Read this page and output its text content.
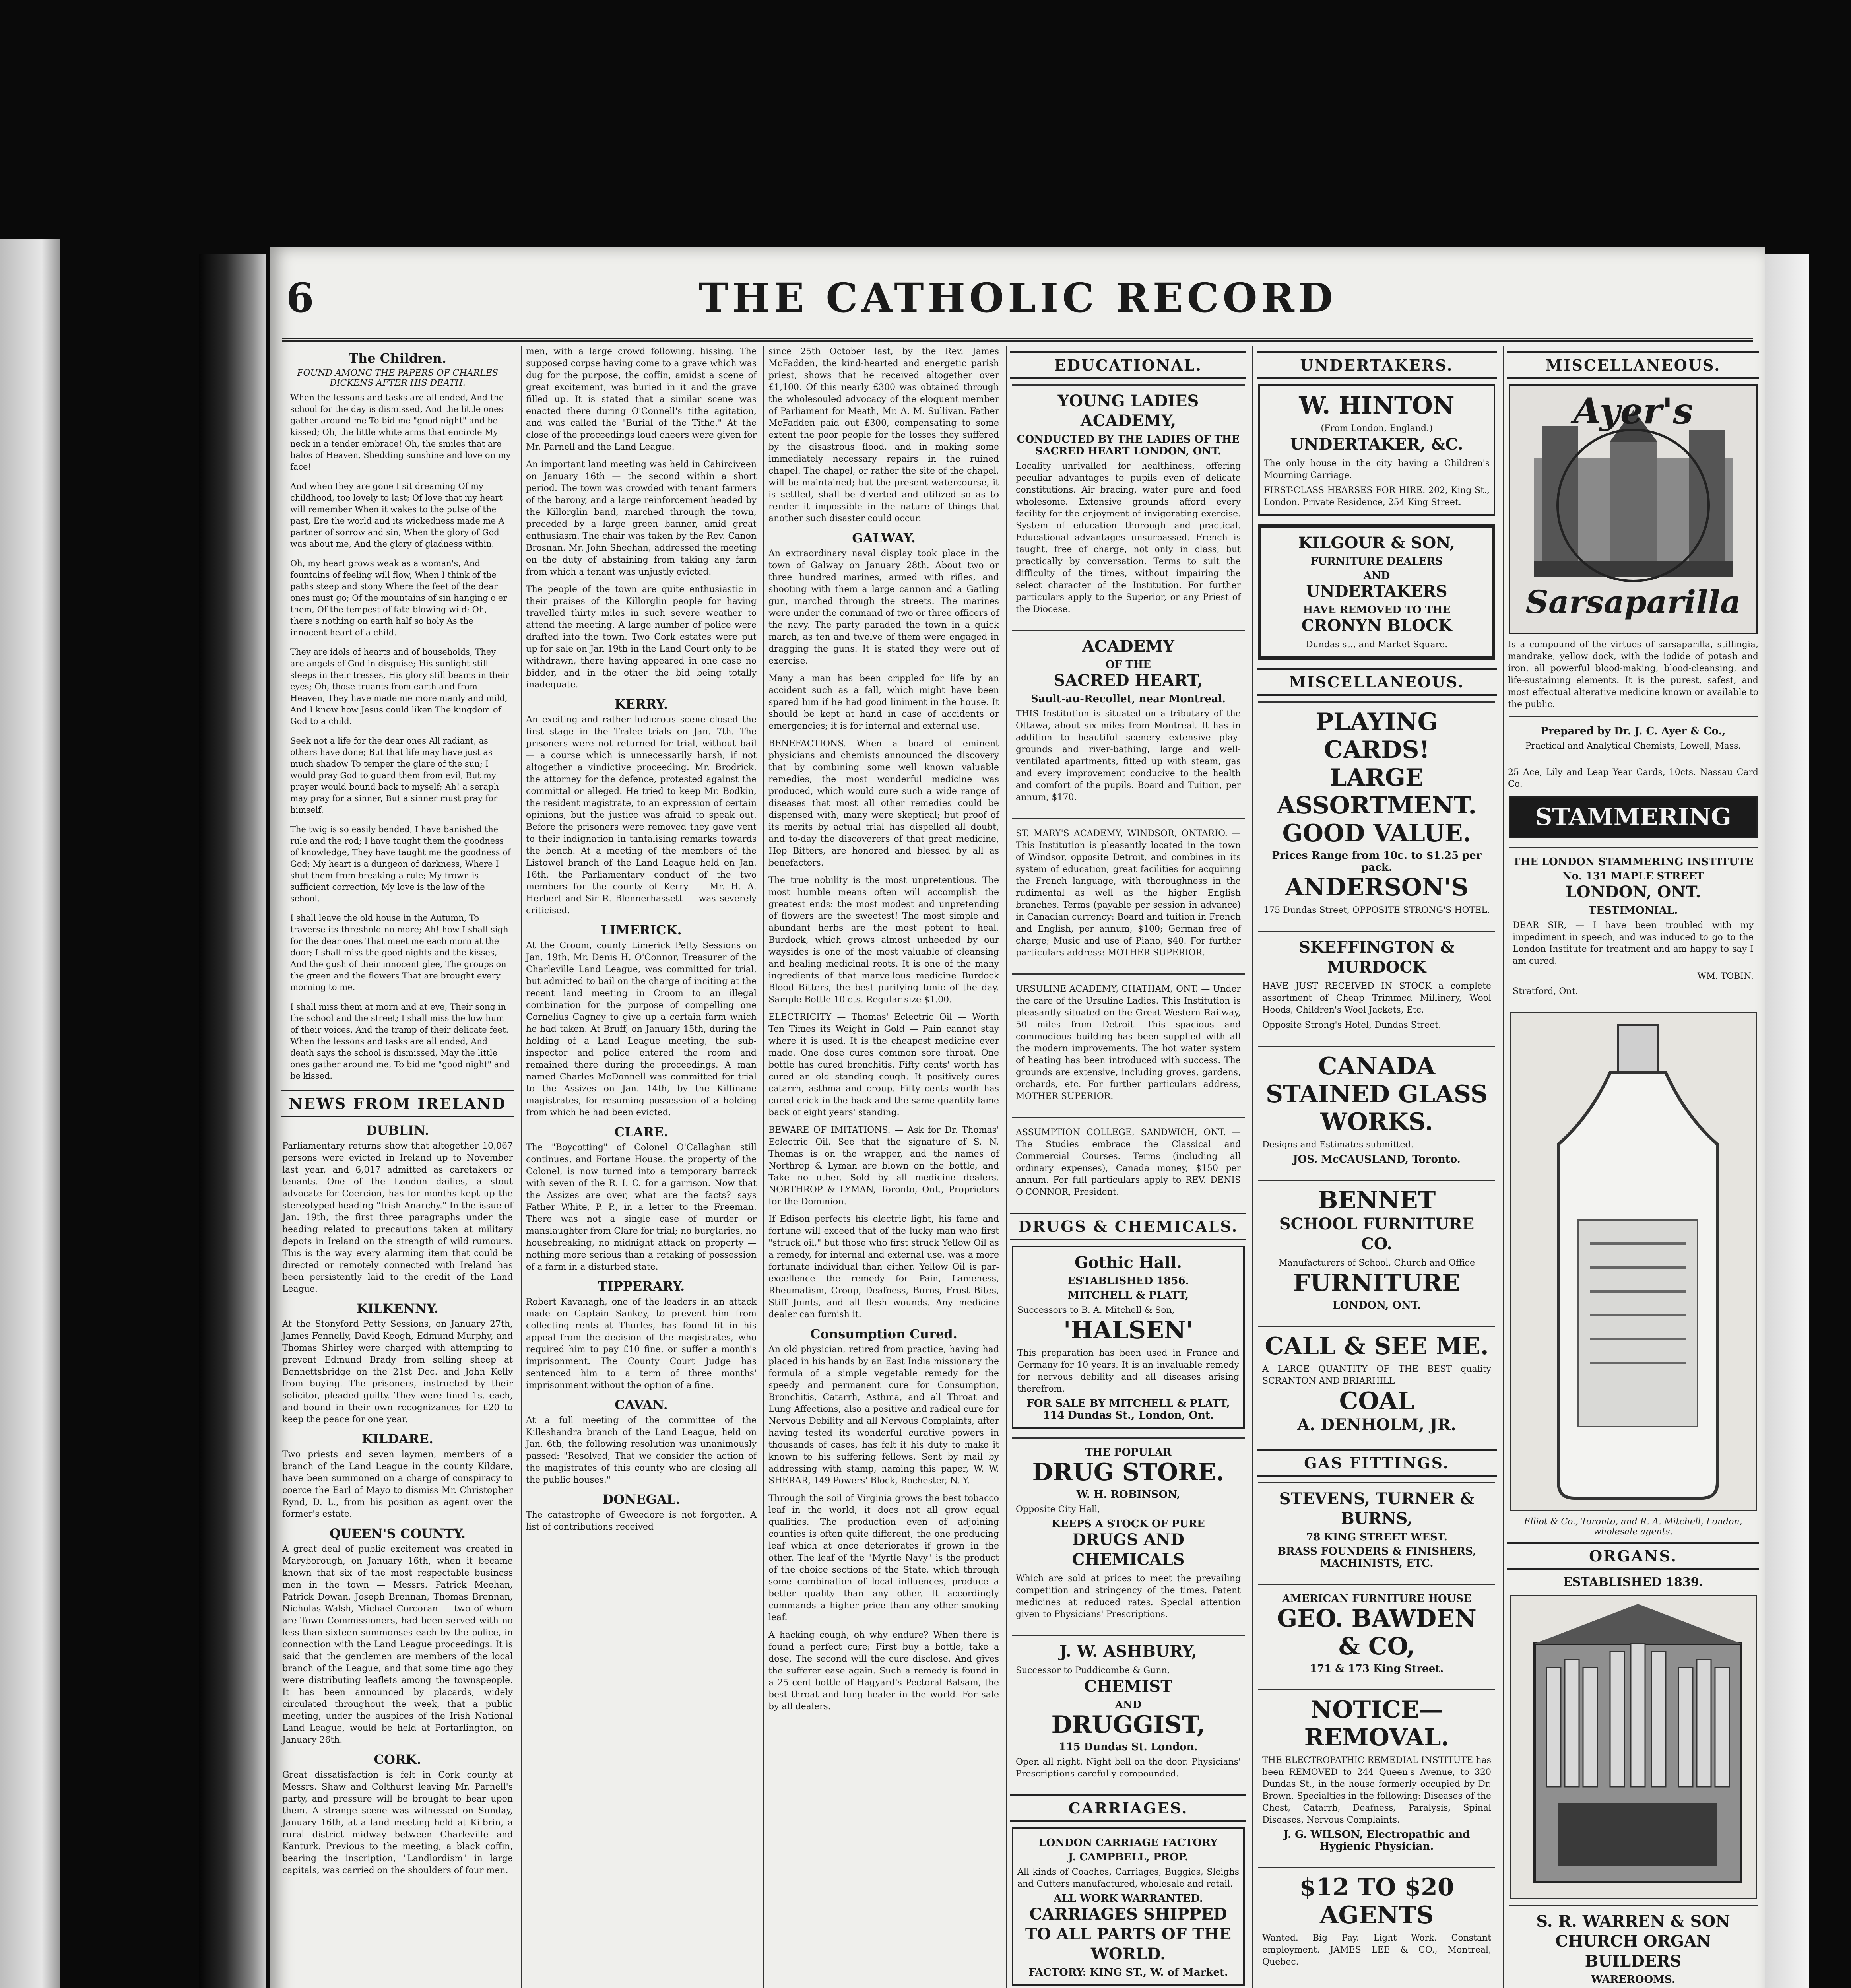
6	THE CATHOLIC RECORD
The Children.
FOUND AMONG THE PAPERS OF CHARLES DICKENS AFTER HIS DEATH.

When the lessons and tasks are all ended, And the school for the day is dismissed, And the little ones gather around me To bid me "good night" and be kissed; Oh, the little white arms that encircle My neck in a tender embrace! Oh, the smiles that are halos of Heaven, Shedding sunshine and love on my face!

And when they are gone I sit dreaming Of my childhood, too lovely to last; Of love that my heart will remember When it wakes to the pulse of the past, Ere the world and its wickedness made me A partner of sorrow and sin, When the glory of God was about me, And the glory of gladness within.

Oh, my heart grows weak as a woman's, And fountains of feeling will flow, When I think of the paths steep and stony Where the feet of the dear ones must go; Of the mountains of sin hanging o'er them, Of the tempest of fate blowing wild; Oh, there's nothing on earth half so holy As the innocent heart of a child.

They are idols of hearts and of households, They are angels of God in disguise; His sunlight still sleeps in their tresses, His glory still beams in their eyes; Oh, those truants from earth and from Heaven, They have made me more manly and mild, And I know how Jesus could liken The kingdom of God to a child.

Seek not a life for the dear ones All radiant, as others have done; But that life may have just as much shadow To temper the glare of the sun; I would pray God to guard them from evil; But my prayer would bound back to myself; Ah! a seraph may pray for a sinner, But a sinner must pray for himself.

The twig is so easily bended, I have banished the rule and the rod; I have taught them the goodness of knowledge, They have taught me the goodness of God; My heart is a dungeon of darkness, Where I shut them from breaking a rule; My frown is sufficient correction, My love is the law of the school.

I shall leave the old house in the Autumn, To traverse its threshold no more; Ah! how I shall sigh for the dear ones That meet me each morn at the door; I shall miss the good nights and the kisses, And the gush of their innocent glee, The groups on the green and the flowers That are brought every morning to me.

I shall miss them at morn and at eve, Their song in the school and the street; I shall miss the low hum of their voices, And the tramp of their delicate feet. When the lessons and tasks are all ended, And death says the school is dismissed, May the little ones gather around me, To bid me "good night" and be kissed.

NEWS FROM IRELAND
DUBLIN.

Parliamentary returns show that altogether 10,067 persons were evicted in Ireland up to November last year, and 6,017 admitted as caretakers or tenants. One of the London dailies, a stout advocate for Coercion, has for months kept up the stereotyped heading "Irish Anarchy." In the issue of Jan. 19th, the first three paragraphs under the heading related to precautions taken at military depots in Ireland on the strength of wild rumours. This is the way every alarming item that could be directed or remotely connected with Ireland has been persistently laid to the credit of the Land League.

KILKENNY.

At the Stonyford Petty Sessions, on January 27th, James Fennelly, David Keogh, Edmund Murphy, and Thomas Shirley were charged with attempting to prevent Edmund Brady from selling sheep at Bennettsbridge on the 21st Dec. and John Kelly from buying. The prisoners, instructed by their solicitor, pleaded guilty. They were fined 1s. each, and bound in their own recognizances for £20 to keep the peace for one year.

KILDARE.

Two priests and seven laymen, members of a branch of the Land League in the county Kildare, have been summoned on a charge of conspiracy to coerce the Earl of Mayo to dismiss Mr. Christopher Rynd, D. L., from his position as agent over the former's estate.

QUEEN'S COUNTY.

A great deal of public excitement was created in Maryborough, on January 16th, when it became known that six of the most respectable business men in the town — Messrs. Patrick Meehan, Patrick Dowan, Joseph Brennan, Thomas Brennan, Nicholas Walsh, Michael Corcoran — two of whom are Town Commissioners, had been served with no less than sixteen summonses each by the police, in connection with the Land League proceedings. It is said that the gentlemen are members of the local branch of the League, and that some time ago they were distributing leaflets among the townspeople. It has been announced by placards, widely circulated throughout the week, that a public meeting, under the auspices of the Irish National Land League, would be held at Portarlington, on January 26th.

CORK.

Great dissatisfaction is felt in Cork county at Messrs. Shaw and Colthurst leaving Mr. Parnell's party, and pressure will be brought to bear upon them. A strange scene was witnessed on Sunday, January 16th, at a land meeting held at Kilbrin, a rural district midway between Charleville and Kanturk. Previous to the meeting, a black coffin, bearing the inscription, "Landlordism" in large capitals, was carried on the shoulders of four men.

men, with a large crowd following, hissing. The supposed corpse having come to a grave which was dug for the purpose, the coffin, amidst a scene of great excitement, was buried in it and the grave filled up. It is stated that a similar scene was enacted there during O'Connell's tithe agitation, and was called the "Burial of the Tithe." At the close of the proceedings loud cheers were given for Mr. Parnell and the Land League.

An important land meeting was held in Cahirciveen on January 16th — the second within a short period. The town was crowded with tenant farmers of the barony, and a large reinforcement headed by the Killorglin band, marched through the town, preceded by a large green banner, amid great enthusiasm. The chair was taken by the Rev. Canon Brosnan. Mr. John Sheehan, addressed the meeting on the duty of abstaining from taking any farm from which a tenant was unjustly evicted.

The people of the town are quite enthusiastic in their praises of the Killorglin people for having travelled thirty miles in such severe weather to attend the meeting. A large number of police were drafted into the town. Two Cork estates were put up for sale on Jan 19th in the Land Court only to be withdrawn, there having appeared in one case no bidder, and in the other the bid being totally inadequate.

KERRY.

An exciting and rather ludicrous scene closed the first stage in the Tralee trials on Jan. 7th. The prisoners were not returned for trial, without bail — a course which is unnecessarily harsh, if not altogether a vindictive proceeding. Mr. Brodrick, the attorney for the defence, protested against the committal or alleged. He tried to keep Mr. Bodkin, the resident magistrate, to an expression of certain opinions, but the justice was afraid to speak out. Before the prisoners were removed they gave vent to their indignation in tantalising remarks towards the bench. At a meeting of the members of the Listowel branch of the Land League held on Jan. 16th, the Parliamentary conduct of the two members for the county of Kerry — Mr. H. A. Herbert and Sir R. Blennerhassett — was severely criticised.

LIMERICK.

At the Croom, county Limerick Petty Sessions on Jan. 19th, Mr. Denis H. O'Connor, Treasurer of the Charleville Land League, was committed for trial, but admitted to bail on the charge of inciting at the recent land meeting in Croom to an illegal combination for the purpose of compelling one Cornelius Cagney to give up a certain farm which he had taken. At Bruff, on January 15th, during the holding of a Land League meeting, the sub-inspector and police entered the room and remained there during the proceedings. A man named Charles McDonnell was committed for trial to the Assizes on Jan. 14th, by the Kilfinane magistrates, for resuming possession of a holding from which he had been evicted.

CLARE.

The "Boycotting" of Colonel O'Callaghan still continues, and Fortane House, the property of the Colonel, is now turned into a temporary barrack with seven of the R. I. C. for a garrison. Now that the Assizes are over, what are the facts? says Father White, P. P., in a letter to the Freeman. There was not a single case of murder or manslaughter from Clare for trial; no burglaries, no housebreaking, no midnight attack on property — nothing more serious than a retaking of possession of a farm in a disturbed state.

TIPPERARY.

Robert Kavanagh, one of the leaders in an attack made on Captain Sankey, to prevent him from collecting rents at Thurles, has found fit in his appeal from the decision of the magistrates, who required him to pay £10 fine, or suffer a month's imprisonment. The County Court Judge has sentenced him to a term of three months' imprisonment without the option of a fine.

CAVAN.

At a full meeting of the committee of the Killeshandra branch of the Land League, held on Jan. 6th, the following resolution was unanimously passed: "Resolved, That we consider the action of the magistrates of this county who are closing all the public houses."

DONEGAL.

The catastrophe of Gweedore is not forgotten. A list of contributions received

since 25th October last, by the Rev. James McFadden, the kind-hearted and energetic parish priest, shows that he received altogether over £1,100. Of this nearly £300 was obtained through the wholesouled advocacy of the eloquent member of Parliament for Meath, Mr. A. M. Sullivan. Father McFadden paid out £300, compensating to some extent the poor people for the losses they suffered by the disastrous flood, and in making some immediately necessary repairs in the ruined chapel. The chapel, or rather the site of the chapel, will be maintained; but the present watercourse, it is settled, shall be diverted and utilized so as to render it impossible in the nature of things that another such disaster could occur.

GALWAY.

An extraordinary naval display took place in the town of Galway on January 28th. About two or three hundred marines, armed with rifles, and shooting with them a large cannon and a Gatling gun, marched through the streets. The marines were under the command of two or three officers of the navy. The party paraded the town in a quick march, as ten and twelve of them were engaged in dragging the guns. It is stated they were out of exercise.

Many a man has been crippled for life by an accident such as a fall, which might have been spared him if he had good liniment in the house. It should be kept at hand in case of accidents or emergencies; it is for internal and external use.

BENEFACTIONS. When a board of eminent physicians and chemists announced the discovery that by combining some well known valuable remedies, the most wonderful medicine was produced, which would cure such a wide range of diseases that most all other remedies could be dispensed with, many were skeptical; but proof of its merits by actual trial has dispelled all doubt, and to-day the discoverers of that great medicine, Hop Bitters, are honored and blessed by all as benefactors.

The true nobility is the most unpretentious. The most humble means often will accomplish the greatest ends: the most modest and unpretending of flowers are the sweetest! The most simple and abundant herbs are the most potent to heal. Burdock, which grows almost unheeded by our waysides is one of the most valuable of cleansing and healing medicinal roots. It is one of the many ingredients of that marvellous medicine Burdock Blood Bitters, the best purifying tonic of the day. Sample Bottle 10 cts. Regular size $1.00.

ELECTRICITY — Thomas' Eclectric Oil — Worth Ten Times its Weight in Gold — Pain cannot stay where it is used. It is the cheapest medicine ever made. One dose cures common sore throat. One bottle has cured bronchitis. Fifty cents' worth has cured an old standing cough. It positively cures catarrh, asthma and croup. Fifty cents worth has cured crick in the back and the same quantity lame back of eight years' standing.

BEWARE OF IMITATIONS. — Ask for Dr. Thomas' Eclectric Oil. See that the signature of S. N. Thomas is on the wrapper, and the names of Northrop & Lyman are blown on the bottle, and Take no other. Sold by all medicine dealers. NORTHROP & LYMAN, Toronto, Ont., Proprietors for the Dominion.

If Edison perfects his electric light, his fame and fortune will exceed that of the lucky man who first "struck oil," but those who first struck Yellow Oil as a remedy, for internal and external use, was a more fortunate individual than either. Yellow Oil is par-excellence the remedy for Pain, Lameness, Rheumatism, Croup, Deafness, Burns, Frost Bites, Stiff Joints, and all flesh wounds. Any medicine dealer can furnish it.

Consumption Cured.

An old physician, retired from practice, having had placed in his hands by an East India missionary the formula of a simple vegetable remedy for the speedy and permanent cure for Consumption, Bronchitis, Catarrh, Asthma, and all Throat and Lung Affections, also a positive and radical cure for Nervous Debility and all Nervous Complaints, after having tested its wonderful curative powers in thousands of cases, has felt it his duty to make it known to his suffering fellows. Sent by mail by addressing with stamp, naming this paper, W. W. SHERAR, 149 Powers' Block, Rochester, N. Y.

Through the soil of Virginia grows the best tobacco leaf in the world, it does not all grow equal qualities. The production even of adjoining counties is often quite different, the one producing leaf which at once deteriorates if grown in the other. The leaf of the "Myrtle Navy" is the product of the choice sections of the State, which through some combination of local influences, produce a better quality than any other. It accordingly commands a higher price than any other smoking leaf.

A hacking cough, oh why endure? When there is found a perfect cure; First buy a bottle, take a dose, The second will the cure disclose. And gives the sufferer ease again. Such a remedy is found in a 25 cent bottle of Hagyard's Pectoral Balsam, the best throat and lung healer in the world. For sale by all dealers.

EDUCATIONAL.
YOUNG LADIES ACADEMY,
CONDUCTED BY THE LADIES OF THE SACRED HEART LONDON, ONT.
Locality unrivalled for healthiness, offering peculiar advantages to pupils even of delicate constitutions. Air bracing, water pure and food wholesome. Extensive grounds afford every facility for the enjoyment of invigorating exercise. System of education thorough and practical. Educational advantages unsurpassed. French is taught, free of charge, not only in class, but practically by conversation. Terms to suit the difficulty of the times, without impairing the select character of the Institution. For further particulars apply to the Superior, or any Priest of the Diocese.
ACADEMY
OF THE
SACRED HEART,
Sault-au-Recollet, near Montreal.
THIS Institution is situated on a tributary of the Ottawa, about six miles from Montreal. It has in addition to beautiful scenery extensive play-grounds and river-bathing, large and well-ventilated apartments, fitted up with steam, gas and every improvement conducive to the health and comfort of the pupils. Board and Tuition, per annum, $170.
ST. MARY'S ACADEMY, WINDSOR, ONTARIO. — This Institution is pleasantly located in the town of Windsor, opposite Detroit, and combines in its system of education, great facilities for acquiring the French language, with thoroughness in the rudimental as well as the higher English branches. Terms (payable per session in advance) in Canadian currency: Board and tuition in French and English, per annum, $100; German free of charge; Music and use of Piano, $40. For further particulars address: MOTHER SUPERIOR.
URSULINE ACADEMY, CHATHAM, ONT. — Under the care of the Ursuline Ladies. This Institution is pleasantly situated on the Great Western Railway, 50 miles from Detroit. This spacious and commodious building has been supplied with all the modern improvements. The hot water system of heating has been introduced with success. The grounds are extensive, including groves, gardens, orchards, etc. For further particulars address, MOTHER SUPERIOR.
ASSUMPTION COLLEGE, SANDWICH, ONT. — The Studies embrace the Classical and Commercial Courses. Terms (including all ordinary expenses), Canada money, $150 per annum. For full particulars apply to REV. DENIS O'CONNOR, President.
DRUGS & CHEMICALS.
Gothic Hall.
ESTABLISHED 1856.
MITCHELL & PLATT,
Successors to B. A. Mitchell & Son,
'HALSEN'
This preparation has been used in France and Germany for 10 years. It is an invaluable remedy for nervous debility and all diseases arising therefrom.
FOR SALE BY MITCHELL & PLATT, 114 Dundas St., London, Ont.
THE POPULAR
DRUG STORE.
W. H. ROBINSON,
Opposite City Hall,
KEEPS A STOCK OF PURE
DRUGS AND CHEMICALS
Which are sold at prices to meet the prevailing competition and stringency of the times. Patent medicines at reduced rates. Special attention given to Physicians' Prescriptions.
J. W. ASHBURY,
Successor to Puddicombe & Gunn,
CHEMIST
AND
DRUGGIST,
115 Dundas St. London.
Open all night. Night bell on the door. Physicians' Prescriptions carefully compounded.
CARRIAGES.
LONDON CARRIAGE FACTORY
J. CAMPBELL, PROP.
All kinds of Coaches, Carriages, Buggies, Sleighs and Cutters manufactured, wholesale and retail.
ALL WORK WARRANTED.
CARRIAGES SHIPPED TO ALL PARTS OF THE WORLD.
FACTORY: KING ST., W. of Market.
UNDERTAKERS.
W. HINTON
(From London, England.)
UNDERTAKER, &C.
The only house in the city having a Children's Mourning Carriage.
FIRST-CLASS HEARSES FOR HIRE. 202, King St., London. Private Residence, 254 King Street.
KILGOUR & SON,
FURNITURE DEALERS
AND
UNDERTAKERS
HAVE REMOVED TO THE
CRONYN BLOCK
Dundas st., and Market Square.
MISCELLANEOUS.
PLAYING
CARDS!
LARGE
ASSORTMENT.
GOOD VALUE.
Prices Range from 10c. to $1.25 per pack.
ANDERSON'S
175 Dundas Street, OPPOSITE STRONG'S HOTEL.
SKEFFINGTON & MURDOCK
HAVE JUST RECEIVED IN STOCK a complete assortment of Cheap Trimmed Millinery, Wool Hoods, Children's Wool Jackets, Etc.
Opposite Strong's Hotel, Dundas Street.
CANADA
STAINED GLASS
WORKS.
Designs and Estimates submitted.
JOS. McCAUSLAND, Toronto.
BENNET
SCHOOL FURNITURE CO.
Manufacturers of School, Church and Office
FURNITURE
LONDON, ONT.
CALL & SEE ME.
A LARGE QUANTITY OF THE BEST quality SCRANTON AND BRIARHILL
COAL
A. DENHOLM, JR.
GAS FITTINGS.
STEVENS, TURNER & BURNS,
78 KING STREET WEST.
BRASS FOUNDERS & FINISHERS, MACHINISTS, ETC.
AMERICAN FURNITURE HOUSE
GEO. BAWDEN & CO,
171 & 173 King Street.
NOTICE—REMOVAL.
THE ELECTROPATHIC REMEDIAL INSTITUTE has been REMOVED to 244 Queen's Avenue, to 320 Dundas St., in the house formerly occupied by Dr. Brown. Specialties in the following: Diseases of the Chest, Catarrh, Deafness, Paralysis, Spinal Diseases, Nervous Complaints.
J. G. WILSON, Electropathic and Hygienic Physician.
$12 TO $20
AGENTS
Wanted. Big Pay. Light Work. Constant employment. JAMES LEE & CO., Montreal, Quebec.
MISCELLANEOUS.
Ayer's
Sarsaparilla

Is a compound of the virtues of sarsaparilla, stillingia, mandrake, yellow dock, with the iodide of potash and iron, all powerful blood-making, blood-cleansing, and life-sustaining elements. It is the purest, safest, and most effectual alterative medicine known or available to the public.

Prepared by Dr. J. C. Ayer & Co.,
Practical and Analytical Chemists, Lowell, Mass.

25 Ace, Lily and Leap Year Cards, 10cts. Nassau Card Co.

STAMMERING
THE LONDON STAMMERING INSTITUTE
No. 131 MAPLE STREET
LONDON, ONT.
TESTIMONIAL.
DEAR SIR, — I have been troubled with my impediment in speech, and was induced to go to the London Institute for treatment and am happy to say I am cured.
WM. TOBIN.
Stratford, Ont.
Elliot & Co., Toronto, and R. A. Mitchell, London, wholesale agents.
ORGANS.
ESTABLISHED 1839.
S. R. WARREN & SON
CHURCH ORGAN BUILDERS
WAREROOMS.
